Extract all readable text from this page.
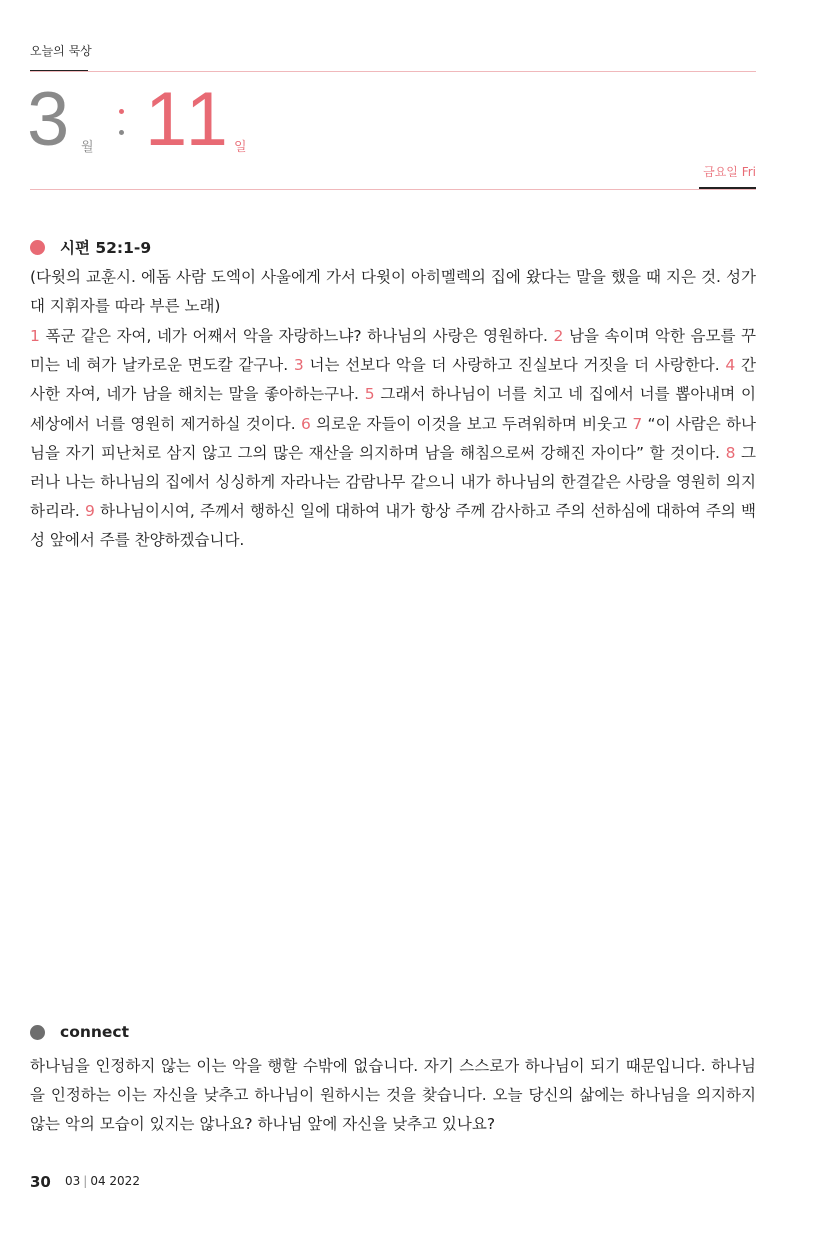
오늘의 묵상
3 월 11 일
금요일 Fri
시편 52:1-9
(다윗의 교훈시. 에돔 사람 도엑이 사울에게 가서 다윗이 아히멜렉의 집에 왔다는 말을 했을 때 지은 것. 성가대 지휘자를 따라 부른 노래)
1 폭군 같은 자여, 네가 어째서 악을 자랑하느냐? 하나님의 사랑은 영원하다. 2 남을 속이며 악한 음모를 꾸미는 네 혀가 날카로운 면도칼 같구나. 3 너는 선보다 악을 더 사랑하고 진실보다 거짓을 더 사랑한다. 4 간사한 자여, 네가 남을 해치는 말을 좋아하는구나. 5 그래서 하나님이 너를 치고 네 집에서 너를 뽑아내며 이 세상에서 너를 영원히 제거하실 것이다. 6 의로운 자들이 이것을 보고 두려워하며 비웃고 7 “이 사람은 하나님을 자기 피난처로 삼지 않고 그의 많은 재산을 의지하며 남을 해침으로써 강해진 자이다” 할 것이다. 8 그러나 나는 하나님의 집에서 싱싱하게 자라나는 감람나무 같으니 내가 하나님의 한결같은 사랑을 영원히 의지하리라. 9 하나님이시여, 주께서 행하신 일에 대하여 내가 항상 주께 감사하고 주의 선하심에 대하여 주의 백성 앞에서 주를 찬양하겠습니다.
connect
하나님을 인정하지 않는 이는 악을 행할 수밖에 없습니다. 자기 스스로가 하나님이 되기 때문입니다. 하나님을 인정하는 이는 자신을 낮추고 하나님이 원하시는 것을 찾습니다. 오늘 당신의 삶에는 하나님을 의지하지 않는 악의 모습이 있지는 않나요? 하나님 앞에 자신을 낮추고 있나요?
30 03 | 04 2022
